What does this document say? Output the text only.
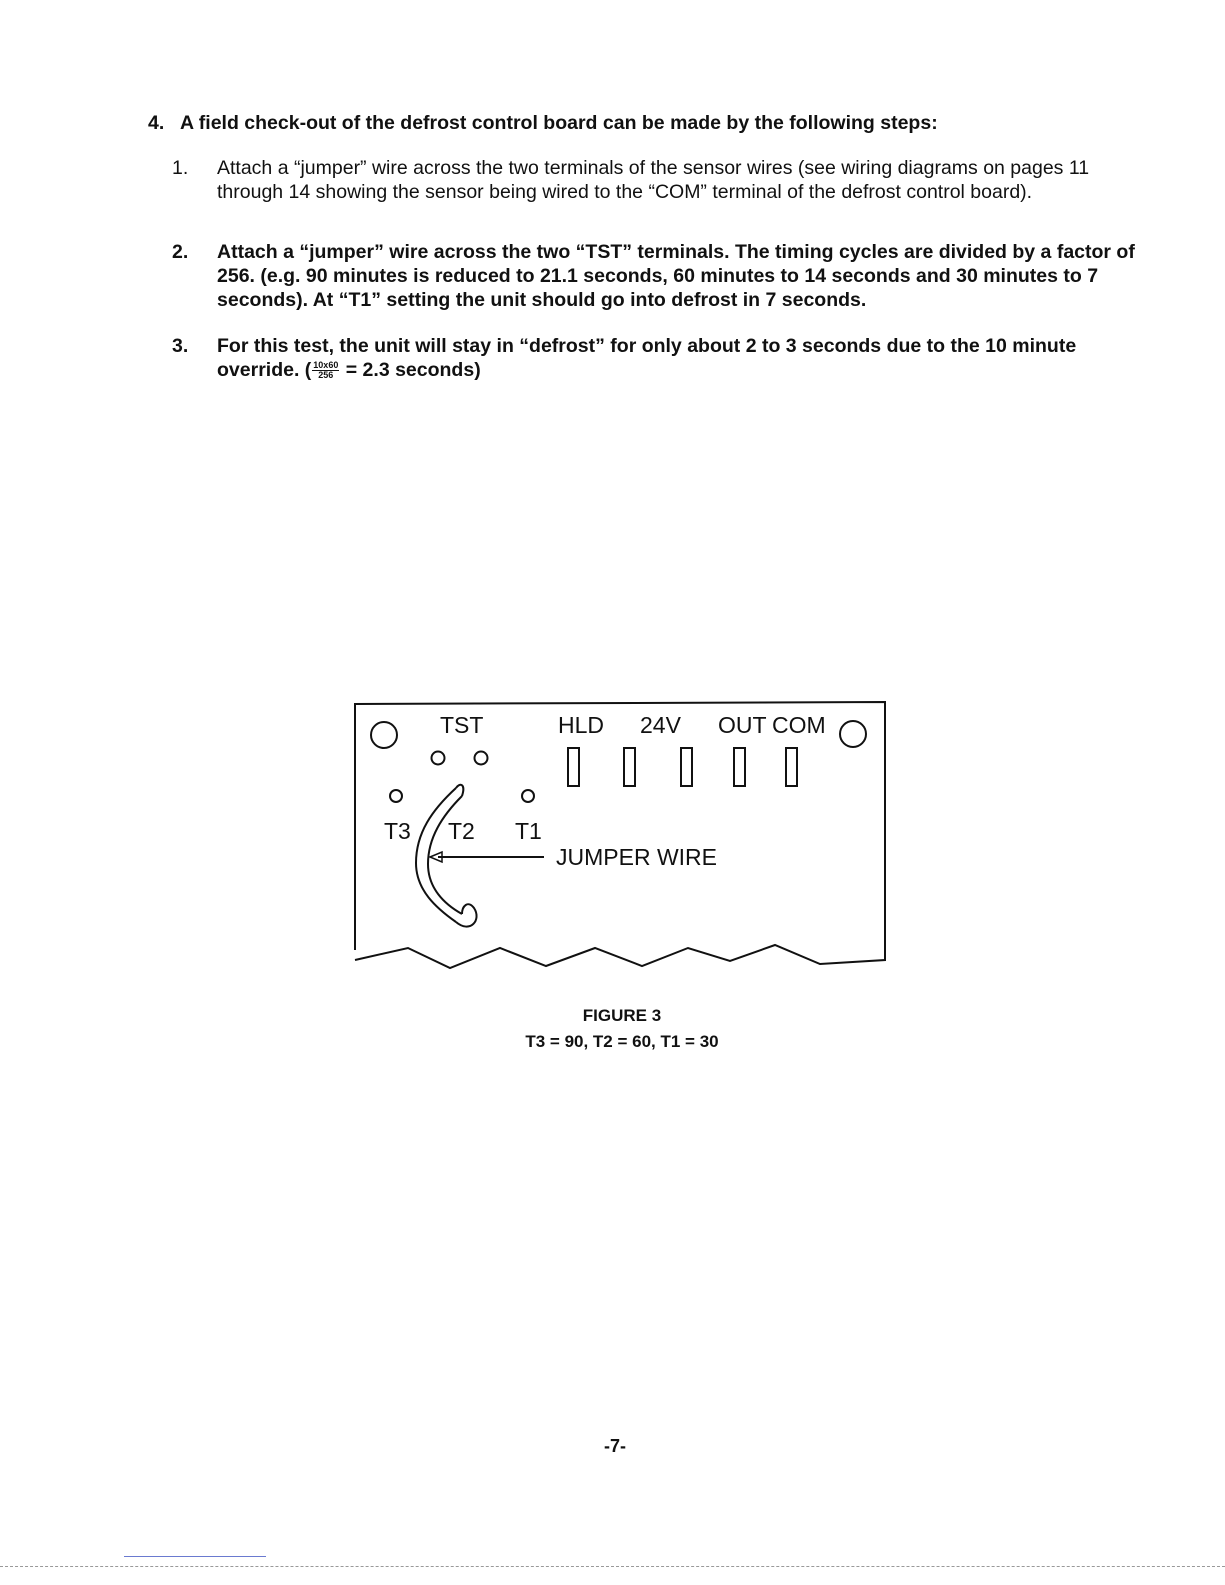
4. A field check-out of the defrost control board can be made by the following steps:
1.	Attach a “jumper” wire across the two terminals of the sensor wires (see wiring diagrams on pages 11 through 14 showing the sensor being wired to the “COM” terminal of the defrost control board).
2.	Attach a “jumper” wire across the two “TST” terminals. The timing cycles are divided by a factor of 256. (e.g. 90 minutes is reduced to 21.1 seconds, 60 minutes to 14 seconds and 30 minutes to 7 seconds). At “T1” setting the unit should go into defrost in 7 seconds.
3.	For this test, the unit will stay in “defrost” for only about 2 to 3 seconds due to the 10 minute override. ( $\frac{10x60}{256} = 2.3$ seconds)
TST	HLD 24V OUT COM
T3 T2 T1
JUMPER WIRE
FIGURE 3
T3 = 90, T2 = 60, T1 = 30
-7-
